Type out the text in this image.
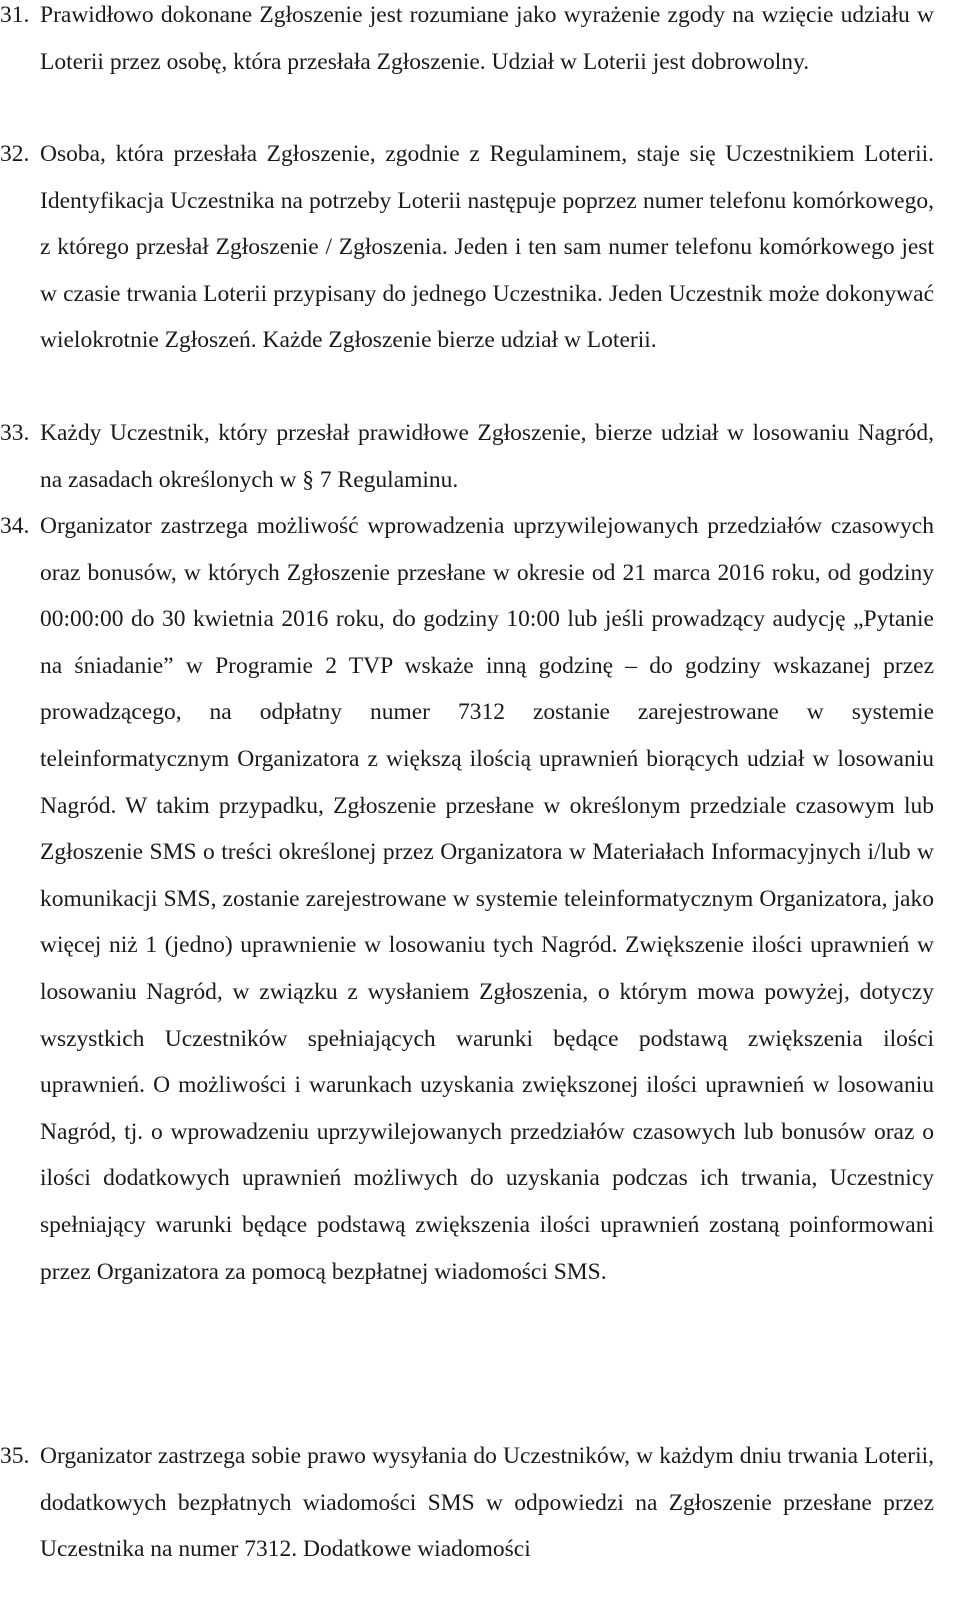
31. Prawidłowo dokonane Zgłoszenie jest rozumiane jako wyrażenie zgody na wzięcie udziału w Loterii przez osobę, która przesłała Zgłoszenie. Udział w Loterii jest dobrowolny.
32. Osoba, która przesłała Zgłoszenie, zgodnie z Regulaminem, staje się Uczestnikiem Loterii. Identyfikacja Uczestnika na potrzeby Loterii następuje poprzez numer telefonu komórkowego, z którego przesłał Zgłoszenie / Zgłoszenia. Jeden i ten sam numer telefonu komórkowego jest w czasie trwania Loterii przypisany do jednego Uczestnika. Jeden Uczestnik może dokonywać wielokrotnie Zgłoszeń. Każde Zgłoszenie bierze udział w Loterii.
33. Każdy Uczestnik, który przesłał prawidłowe Zgłoszenie, bierze udział w losowaniu Nagród, na zasadach określonych w § 7 Regulaminu.
34. Organizator zastrzega możliwość wprowadzenia uprzywilejowanych przedziałów czasowych oraz bonusów, w których Zgłoszenie przesłane w okresie od 21 marca 2016 roku, od godziny 00:00:00 do 30 kwietnia 2016 roku, do godziny 10:00 lub jeśli prowadzący audycję „Pytanie na śniadanie” w Programie 2 TVP wskaże inną godzinę – do godziny wskazanej przez prowadzącego, na odpłatny numer 7312 zostanie zarejestrowane w systemie teleinformatycznym Organizatora z większą ilością uprawnień biorących udział w losowaniu Nagród. W takim przypadku, Zgłoszenie przesłane w określonym przedziale czasowym lub Zgłoszenie SMS o treści określonej przez Organizatora w Materiałach Informacyjnych i/lub w komunikacji SMS, zostanie zarejestrowane w systemie teleinformatycznym Organizatora, jako więcej niż 1 (jedno) uprawnienie w losowaniu tych Nagród. Zwiększenie ilości uprawnień w losowaniu Nagród, w związku z wysłaniem Zgłoszenia, o którym mowa powyżej, dotyczy wszystkich Uczestników spełniających warunki będące podstawą zwiększenia ilości uprawnień. O możliwości i warunkach uzyskania zwiększonej ilości uprawnień w losowaniu Nagród, tj. o wprowadzeniu uprzywilejowanych przedziałów czasowych lub bonusów oraz o ilości dodatkowych uprawnień możliwych do uzyskania podczas ich trwania, Uczestnicy spełniający warunki będące podstawą zwiększenia ilości uprawnień zostaną poinformowani przez Organizatora za pomocą bezpłatnej wiadomości SMS.
35. Organizator zastrzega sobie prawo wysyłania do Uczestników, w każdym dniu trwania Loterii, dodatkowych bezpłatnych wiadomości SMS w odpowiedzi na Zgłoszenie przesłane przez Uczestnika na numer 7312. Dodatkowe wiadomości
